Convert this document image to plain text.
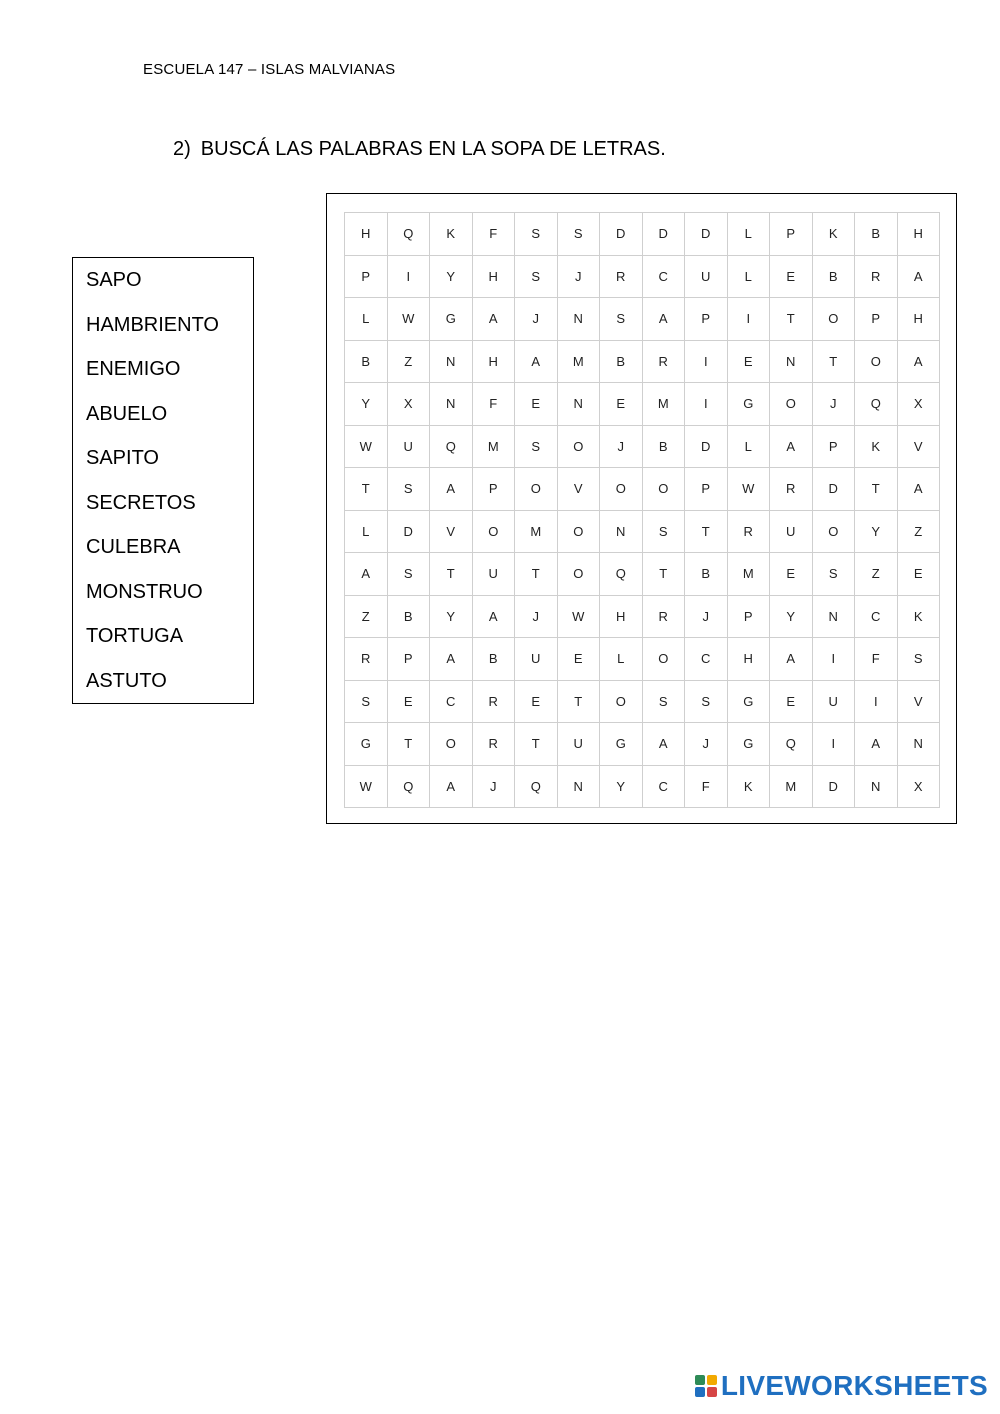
ESCUELA 147 – ISLAS MALVIANAS
2) BUSCÁ LAS PALABRAS EN LA SOPA DE LETRAS.
SAPO
HAMBRIENTO
ENEMIGO
ABUELO
SAPITO
SECRETOS
CULEBRA
MONSTRUO
TORTUGA
ASTUTO
H	Q	K	F	S	S	D	D	D	L	P	K	B	H
P	I	Y	H	S	J	R	C	U	L	E	B	R	A
L	W	G	A	J	N	S	A	P	I	T	O	P	H
B	Z	N	H	A	M	B	R	I	E	N	T	O	A
Y	X	N	F	E	N	E	M	I	G	O	J	Q	X
W	U	Q	M	S	O	J	B	D	L	A	P	K	V
T	S	A	P	O	V	O	O	P	W	R	D	T	A
L	D	V	O	M	O	N	S	T	R	U	O	Y	Z
A	S	T	U	T	O	Q	T	B	M	E	S	Z	E
Z	B	Y	A	J	W	H	R	J	P	Y	N	C	K
R	P	A	B	U	E	L	O	C	H	A	I	F	S
S	E	C	R	E	T	O	S	S	G	E	U	I	V
G	T	O	R	T	U	G	A	J	G	Q	I	A	N
W	Q	A	J	Q	N	Y	C	F	K	M	D	N	X
LIVEWORKSHEETS
